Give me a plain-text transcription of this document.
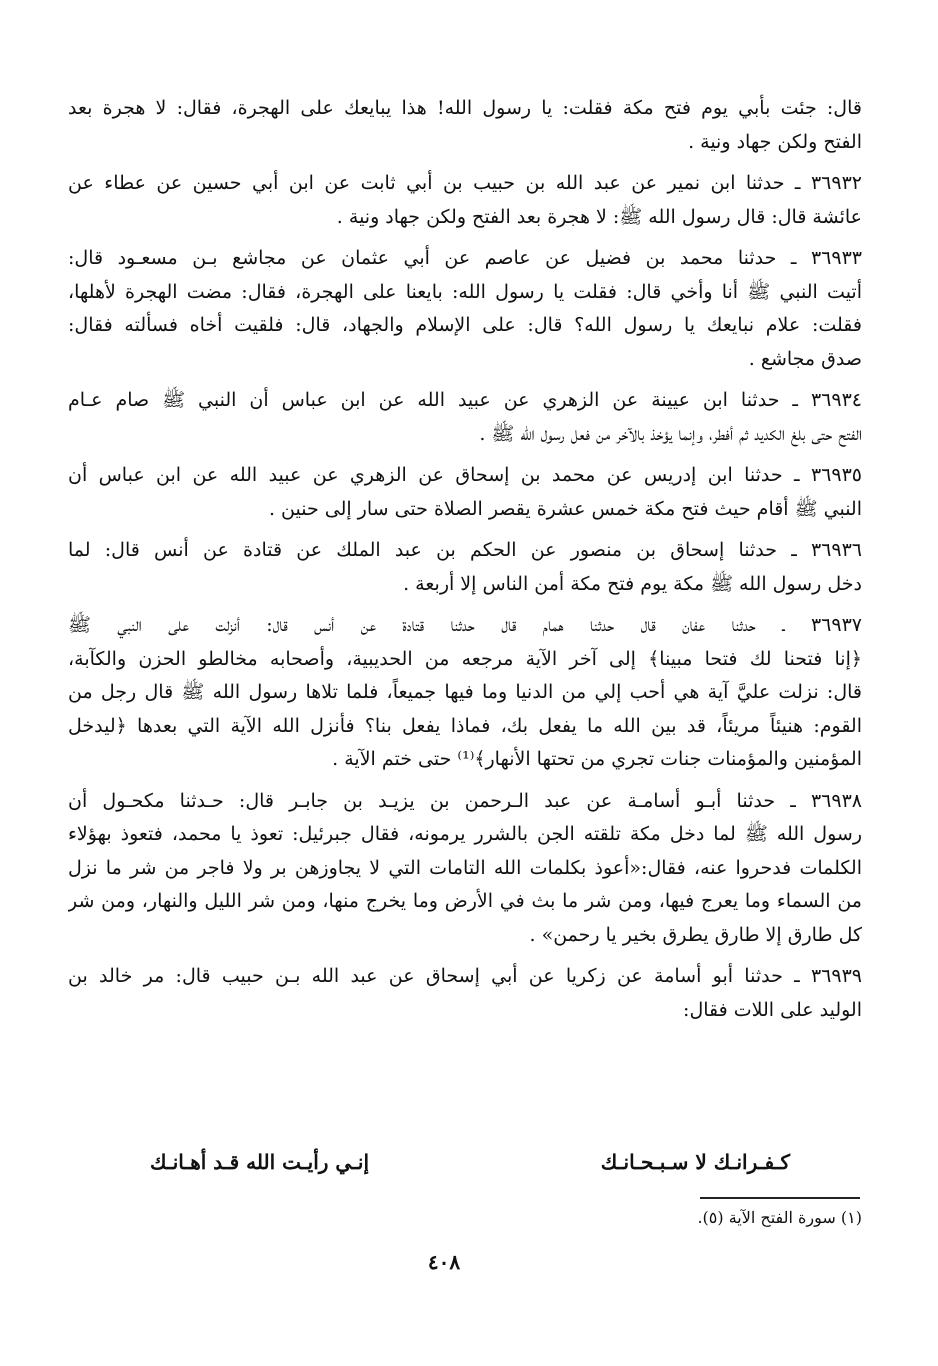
قال: جئت بأبي يوم فتح مكة فقلت: يا رسول الله! هذا يبايعك على الهجرة، فقال: لا هجرة بعد
الفتح ولكن جهاد ونية .
٣٦٩٣٢ ـ حدثنا ابن نمير عن عبد الله بن حبيب بن أبي ثابت عن ابن أبي حسين عن عطاء عن
عائشة قال: قال رسول الله ﷺ: لا هجرة بعد الفتح ولكن جهاد ونية .
٣٦٩٣٣ ـ حدثنا محمد بن فضيل عن عاصم عن أبي عثمان عن مجاشع بـن مسعـود قال:
أتيت النبي ﷺ أنا وأخي قال: فقلت يا رسول الله: بايعنا على الهجرة، فقال: مضت الهجرة لأهلها،
فقلت: علام نبايعك يا رسول الله؟ قال: على الإسلام والجهاد، قال: فلقيت أخاه فسألته فقال:
صدق مجاشع .
٣٦٩٣٤ ـ حدثنا ابن عيينة عن الزهري عن عبيد الله عن ابن عباس أن النبي ﷺ صام عـام
الفتح حتى بلغ الكديد ثم أفطر، وإنما يؤخذ بالآخر من فعل رسول الله ﷺ .
٣٦٩٣٥ ـ حدثنا ابن إدريس عن محمد بن إسحاق عن الزهري عن عبيد الله عن ابن عباس أن
النبي ﷺ أقام حيث فتح مكة خمس عشرة يقصر الصلاة حتى سار إلى حنين .
٣٦٩٣٦ ـ حدثنا إسحاق بن منصور عن الحكم بن عبد الملك عن قتادة عن أنس قال: لما
دخل رسول الله ﷺ مكة يوم فتح مكة أمن الناس إلا أربعة .
٣٦٩٣٧ ـ حدثنا عفان قال حدثنا همام قال حدثنا قتادة عن أنس قال: أنزلت على النبي ﷺ
﴿إنا فتحنا لك فتحا مبينا﴾ إلى آخر الآية مرجعه من الحديبية، وأصحابه مخالطو الحزن والكآبة،
قال: نزلت عليَّ آية هي أحب إلي من الدنيا وما فيها جميعاً، فلما تلاها رسول الله ﷺ قال رجل من
القوم: هنيئاً مريئاً، قد بين الله ما يفعل بك، فماذا يفعل بنا؟ فأنزل الله الآية التي بعدها ﴿ليدخل
المؤمنين والمؤمنات جنات تجري من تحتها الأنهار﴾⁽¹⁾ حتى ختم الآية .
٣٦٩٣٨ ـ حدثنا أبـو أسامـة عن عبد الـرحمن بن يزيـد بن جابـر قال: حـدثنا مكحـول أن
رسول الله ﷺ لما دخل مكة تلقته الجن بالشرر يرمونه، فقال جبرئيل: تعوذ يا محمد، فتعوذ بهؤلاء
الكلمات فدحروا عنه، فقال:«أعوذ بكلمات الله التامات التي لا يجاوزهن بر ولا فاجر من شر ما نزل
من السماء وما يعرج فيها، ومن شر ما بث في الأرض وما يخرج منها، ومن شر الليل والنهار، ومن شر
كل طارق إلا طارق يطرق بخير يا رحمن» .
٣٦٩٣٩ ـ حدثنا أبو أسامة عن زكريا عن أبي إسحاق عن عبد الله بـن حبيب قال: مر خالد بن
الوليد على اللات فقال:
كـفـرانـك لا سـبـحـانـك
إنـي رأيـت الله قـد أهـانـك
(١) سورة الفتح الآية (٥).
٤٠٨
